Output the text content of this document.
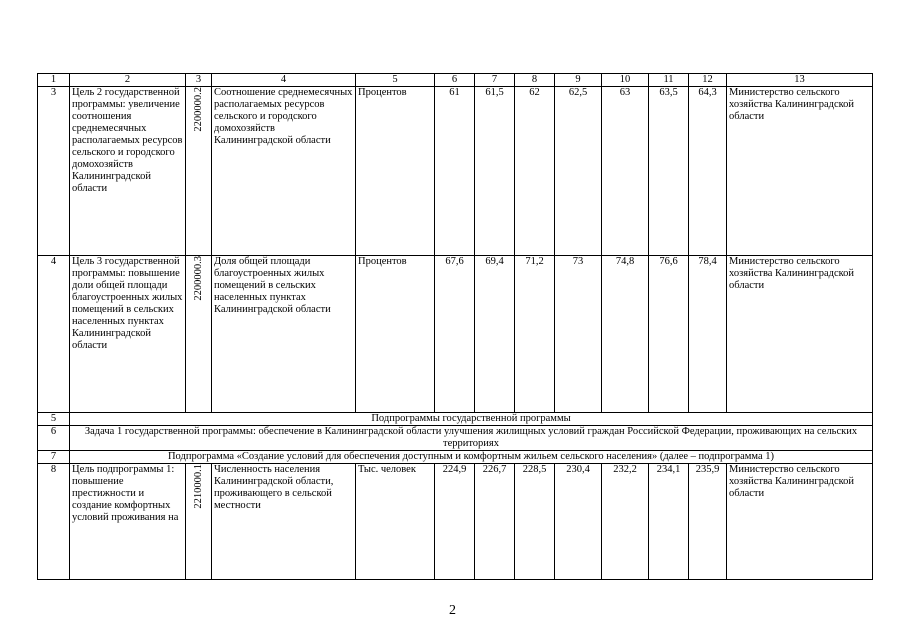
1	2	3	4	5	6	7	8	9	10	11	12	13
3	Цель 2 государственной программы: увеличение соотношения среднемесячных располагаемых ресурсов сельского и городского домохозяйств Калининградской области	2200000.2	Соотношение среднемесячных располагаемых ресурсов сельского и городского домохозяйств Калининградской области	Процентов	61	61,5	62	62,5	63	63,5	64,3	Министерство сельского хозяйства Калининградской области
4	Цель 3 государственной программы: повышение доли общей площади благоустроенных жилых помещений в сельских населенных пунктах Калининградской области	2200000.3	Доля общей площади благоустроенных жилых помещений в сельских населенных пунктах Калининградской области	Процентов	67,6	69,4	71,2	73	74,8	76,6	78,4	Министерство сельского хозяйства Калининградской области
5	Подпрограммы государственной программы											
6	Задача 1 государственной программы: обеспечение в Калининградской области улучшения жилищных условий граждан Российской Федерации, проживающих на сельских территориях											
7	Подпрограмма «Создание условий для обеспечения доступным и комфортным жильем сельского населения» (далее – подпрограмма 1)											
8	Цель подпрограммы 1: повышение престижности и создание комфортных условий проживания на	2210000.1	Численность населения Калининградской области, проживающего в сельской местности	Тыс. человек	224,9	226,7	228,5	230,4	232,2	234,1	235,9	Министерство сельского хозяйства Калининградской области
2
